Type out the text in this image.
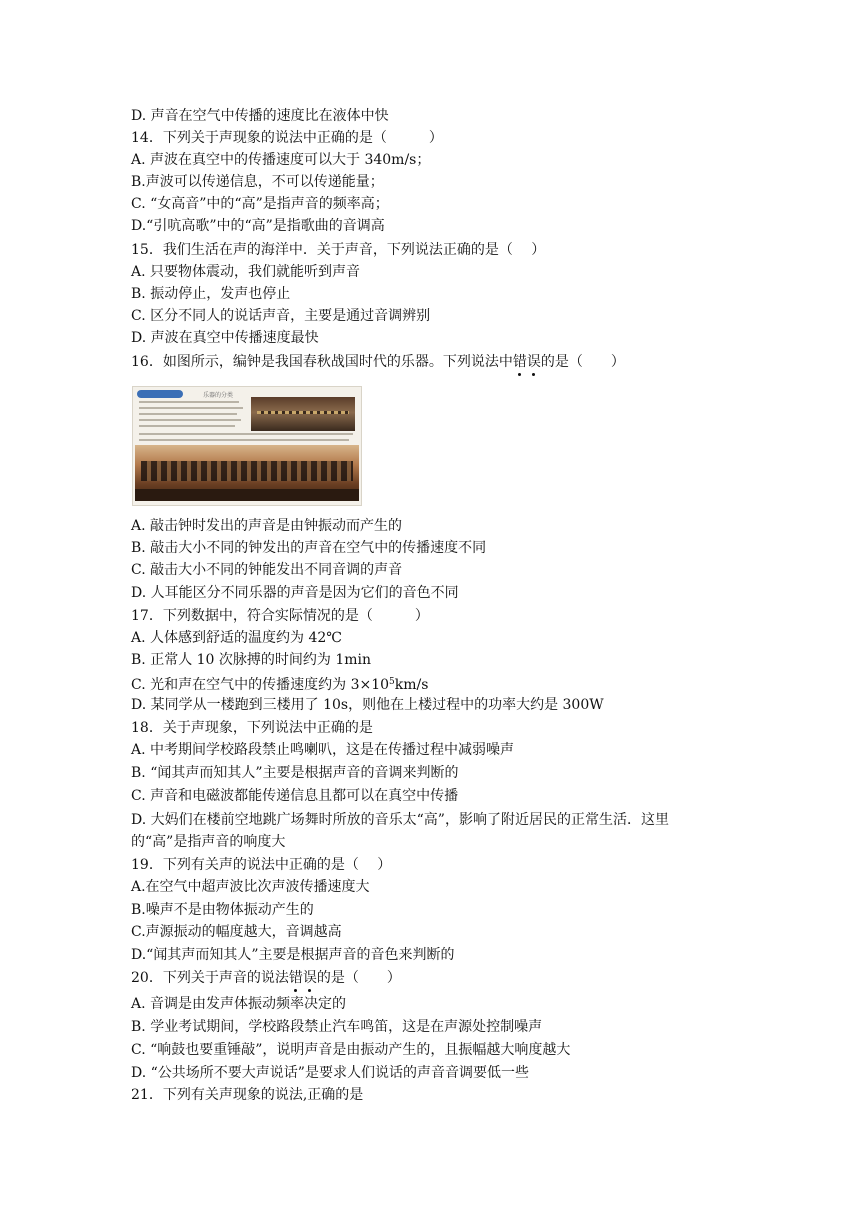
D. 声音在空气中传播的速度比在液体中快
14．下列关于声现象的说法中正确的是（　　　）
A. 声波在真空中的传播速度可以大于 340m/s；
B.声波可以传递信息，不可以传递能量；
C. “女高音”中的“高”是指声音的频率高；
D.“引吭高歌”中的“高”是指歌曲的音调高
15．我们生活在声的海洋中．关于声音，下列说法正确的是（　 ）
A. 只要物体震动，我们就能听到声音
B. 振动停止，发声也停止
C. 区分不同人的说话声音，主要是通过音调辨别
D. 声波在真空中传播速度最快
16．如图所示，编钟是我国春秋战国时代的乐器。下列说法中错误的是（　　）
乐器的分类
A. 敲击钟时发出的声音是由钟振动而产生的
B. 敲击大小不同的钟发出的声音在空气中的传播速度不同
C. 敲击大小不同的钟能发出不同音调的声音
D. 人耳能区分不同乐器的声音是因为它们的音色不同
17．下列数据中，符合实际情况的是（　　　）
A. 人体感到舒适的温度约为 42℃
B. 正常人 10 次脉搏的时间约为 1min
C. 光和声在空气中的传播速度约为 $3\times 10^5km/s$
D. 某同学从一楼跑到三楼用了 10s，则他在上楼过程中的功率大约是 300W
18．关于声现象，下列说法中正确的是
A. 中考期间学校路段禁止鸣喇叭，这是在传播过程中减弱噪声
B. “闻其声而知其人”主要是根据声音的音调来判断的
C. 声音和电磁波都能传递信息且都可以在真空中传播
D. 大妈们在楼前空地跳广场舞时所放的音乐太“高”，影响了附近居民的正常生活．这里
的“高”是指声音的响度大
19．下列有关声的说法中正确的是（　 ）
A.在空气中超声波比次声波传播速度大
B.噪声不是由物体振动产生的
C.声源振动的幅度越大，音调越高
D.“闻其声而知其人”主要是根据声音的音色来判断的
20．下列关于声音的说法错误的是（　　）
A. 音调是由发声体振动频率决定的
B. 学业考试期间，学校路段禁止汽车鸣笛，这是在声源处控制噪声
C. “响鼓也要重锤敲”，说明声音是由振动产生的，且振幅越大响度越大
D. “公共场所不要大声说话”是要求人们说话的声音音调要低一些
21．下列有关声现象的说法,正确的是
